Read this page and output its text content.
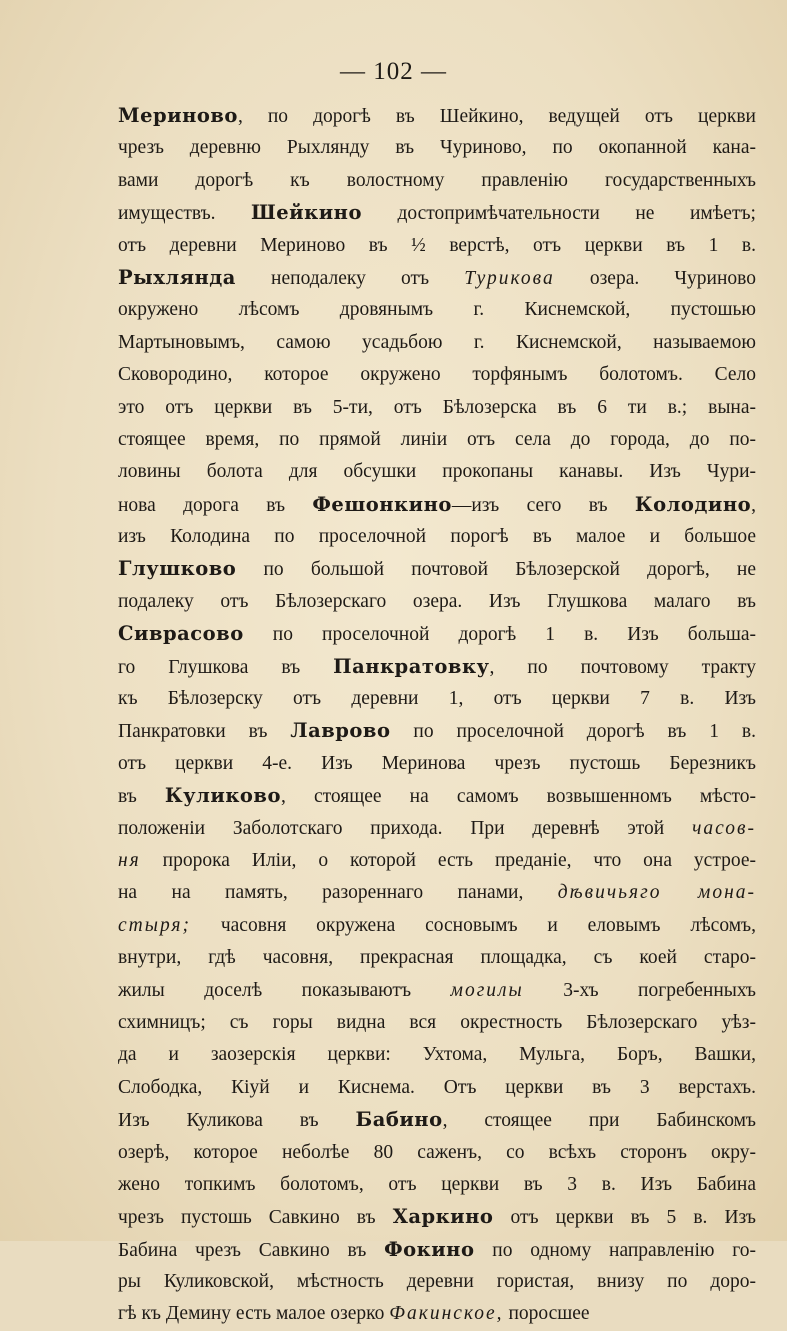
— 102 —
Мериново, по дорогѣ въ Шейкино, ведущей отъ церкви
чрезъ деревню Рыхлянду въ Чуриново, по окопанной кана-
вами дорогѣ къ волостному правленію государственныхъ
имуществъ. Шейкино достопримѣчательности не имѣетъ;
отъ деревни Мериново въ ½ верстѣ, отъ церкви въ 1 в.
Рыхлянда неподалеку отъ Турикова озера. Чуриново
окружено лѣсомъ дровянымъ г. Киснемской, пустошью
Мартыновымъ, самою усадьбою г. Киснемской, называемою
Сковородино, которое окружено торфянымъ болотомъ. Село
это отъ церкви въ 5-ти, отъ Бѣлозерска въ 6 ти в.; вына-
стоящее время, по прямой линіи отъ села до города, до по-
ловины болота для обсушки прокопаны канавы. Изъ Чури-
нова дорога въ Фешонкино—изъ сего въ Колодино,
изъ Колодина по проселочной порогѣ въ малое и большое
Глушково по большой почтовой Бѣлозерской дорогѣ, не
подалеку отъ Бѣлозерскаго озера. Изъ Глушкова малаго въ
Сиврасово по проселочной дорогѣ 1 в. Изъ больша-
го Глушкова въ Панкратовку, по почтовому тракту
къ Бѣлозерску отъ деревни 1, отъ церкви 7 в. Изъ
Панкратовки въ Лаврово по проселочной дорогѣ въ 1 в.
отъ церкви 4-е. Изъ Меринова чрезъ пустошь Березникъ
въ Куликово, стоящее на самомъ возвышенномъ мѣсто-
положеніи Заболотскаго прихода. При деревнѣ этой часов-
ня пророка Иліи, о которой есть преданіе, что она устрое-
на на память, разореннаго панами, дѣвичьяго мона-
стыря; часовня окружена сосновымъ и еловымъ лѣсомъ,
внутри, гдѣ часовня, прекрасная площадка, съ коей старо-
жилы доселѣ показываютъ могилы 3-хъ погребенныхъ
схимницъ; съ горы видна вся окрестность Бѣлозерскаго уѣз-
да и заозерскія церкви: Ухтома, Мульга, Боръ, Вашки,
Слободка, Кіуй и Киснема. Отъ церкви въ 3 верстахъ.
Изъ Куликова въ Бабино, стоящее при Бабинскомъ
озерѣ, которое неболѣе 80 саженъ, со всѣхъ сторонъ окру-
жено топкимъ болотомъ, отъ церкви въ 3 в. Изъ Бабина
чрезъ пустошь Савкино въ Харкино отъ церкви въ 5 в. Изъ
Бабина чрезъ Савкино въ Фокино по одному направленію го-
ры Куликовской, мѣстность деревни гористая, внизу по доро-
гѣ къ Демину есть малое озерко Факинское, поросшее
